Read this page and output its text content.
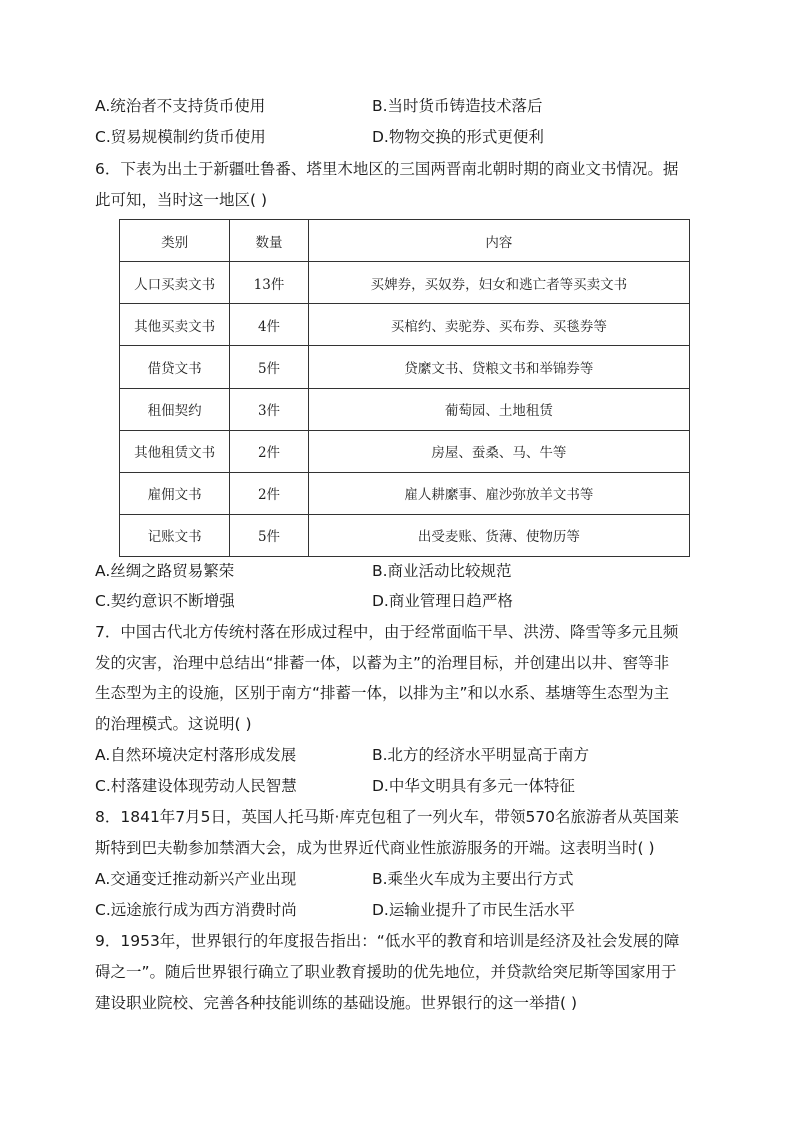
A.统治者不支持货币使用	B.当时货币铸造技术落后
C.贸易规模制约货币使用	D.物物交换的形式更便利
6．下表为出土于新疆吐鲁番、塔里木地区的三国两晋南北朝时期的商业文书情况。据
此可知，当时这一地区( )
类别	数量	内容
人口买卖文书	13件	买婢券，买奴券，妇女和逃亡者等买卖文书
其他买卖文书	4件	买棺约、卖驼券、买布券、买毯券等
借贷文书	5件	贷縻文书、贷粮文书和举锦券等
租佃契约	3件	葡萄园、土地租赁
其他租赁文书	2件	房屋、蚕桑、马、牛等
雇佣文书	2件	雇人耕縻事、雇沙弥放羊文书等
记账文书	5件	出受麦账、货薄、使物历等
A.丝绸之路贸易繁荣	B.商业活动比较规范
C.契约意识不断增强	D.商业管理日趋严格
7．中国古代北方传统村落在形成过程中，由于经常面临干旱、洪涝、降雪等多元且频
发的灾害，治理中总结出“排蓄一体，以蓄为主”的治理目标，并创建出以井、窖等非
生态型为主的设施，区别于南方“排蓄一体，以排为主”和以水系、基塘等生态型为主
的治理模式。这说明( )
A.自然环境决定村落形成发展	B.北方的经济水平明显高于南方
C.村落建设体现劳动人民智慧	D.中华文明具有多元一体特征
8．1841年7月5日，英国人托马斯·库克包租了一列火车，带领570名旅游者从英国莱
斯特到巴夫勒参加禁酒大会，成为世界近代商业性旅游服务的开端。这表明当时( )
A.交通变迁推动新兴产业出现	B.乘坐火车成为主要出行方式
C.远途旅行成为西方消费时尚	D.运输业提升了市民生活水平
9．1953年，世界银行的年度报告指出：“低水平的教育和培训是经济及社会发展的障
碍之一”。随后世界银行确立了职业教育援助的优先地位，并贷款给突尼斯等国家用于
建设职业院校、完善各种技能训练的基础设施。世界银行的这一举措( )
